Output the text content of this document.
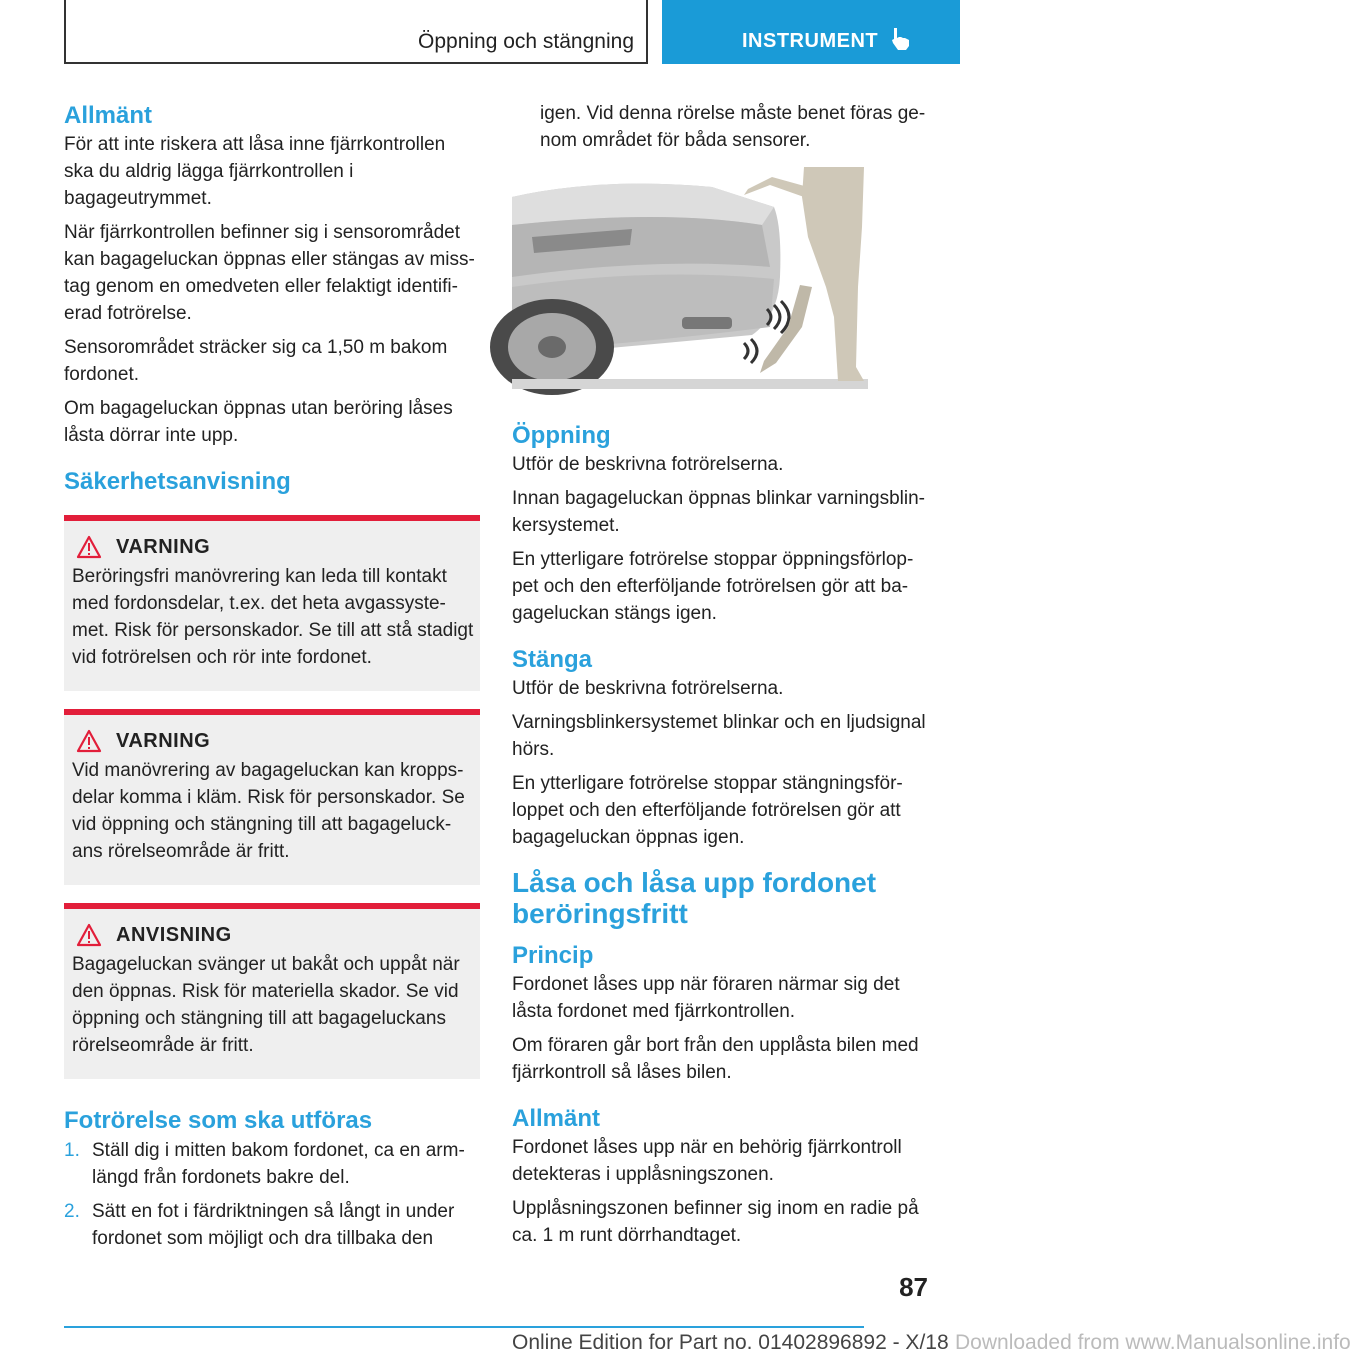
Öppning och stängning	INSTRUMENT
Allmänt

För att inte riskera att låsa inne fjärrkontrollen ska du aldrig lägga fjärrkontrollen i bagageutrymmet.

När fjärrkontrollen befinner sig i sensorområdet kan bagageluckan öppnas eller stängas av miss-tag genom en omedveten eller felaktigt identifi-erad fotrörelse.

Sensorområdet sträcker sig ca 1,50 m bakom fordonet.

Om bagageluckan öppnas utan beröring låses låsta dörrar inte upp.

Säkerhetsanvisning
VARNING

Beröringsfri manövrering kan leda till kontakt med fordonsdelar, t.ex. det heta avgassyste-met. Risk för personskador. Se till att stå stadigt vid fotrörelsen och rör inte fordonet.

VARNING

Vid manövrering av bagageluckan kan kropps-delar komma i kläm. Risk för personskador. Se vid öppning och stängning till att bagageluck-ans rörelseområde är fritt.

ANVISNING

Bagageluckan svänger ut bakåt och uppåt när den öppnas. Risk för materiella skador. Se vid öppning och stängning till att bagageluckans rörelseområde är fritt.

Fotrörelse som ska utföras
1. Ställ dig i mitten bakom fordonet, ca en arm-längd från fordonets bakre del.
2. Sätt en fot i färdriktningen så långt in under fordonet som möjligt och dra tillbaka den

igen. Vid denna rörelse måste benet föras ge-nom området för båda sensorer.

Öppning

Utför de beskrivna fotrörelserna.

Innan bagageluckan öppnas blinkar varningsblin-kersystemet.

En ytterligare fotrörelse stoppar öppningsförlop-pet och den efterföljande fotrörelsen gör att ba-gageluckan stängs igen.

Stänga

Utför de beskrivna fotrörelserna.

Varningsblinkersystemet blinkar och en ljudsignal hörs.

En ytterligare fotrörelse stoppar stängningsför-loppet och den efterföljande fotrörelsen gör att bagageluckan öppnas igen.

Låsa och låsa upp fordonet
beröringsfritt
Princip

Fordonet låses upp när föraren närmar sig det låsta fordonet med fjärrkontrollen.

Om föraren går bort från den upplåsta bilen med fjärrkontroll så låses bilen.

Allmänt

Fordonet låses upp när en behörig fjärrkontroll detekteras i upplåsningszonen.

Upplåsningszonen befinner sig inom en radie på ca. 1 m runt dörrhandtaget.

87
Online Edition for Part no. 01402896892 - X/18 Downloaded from www.Manualsonline.info
